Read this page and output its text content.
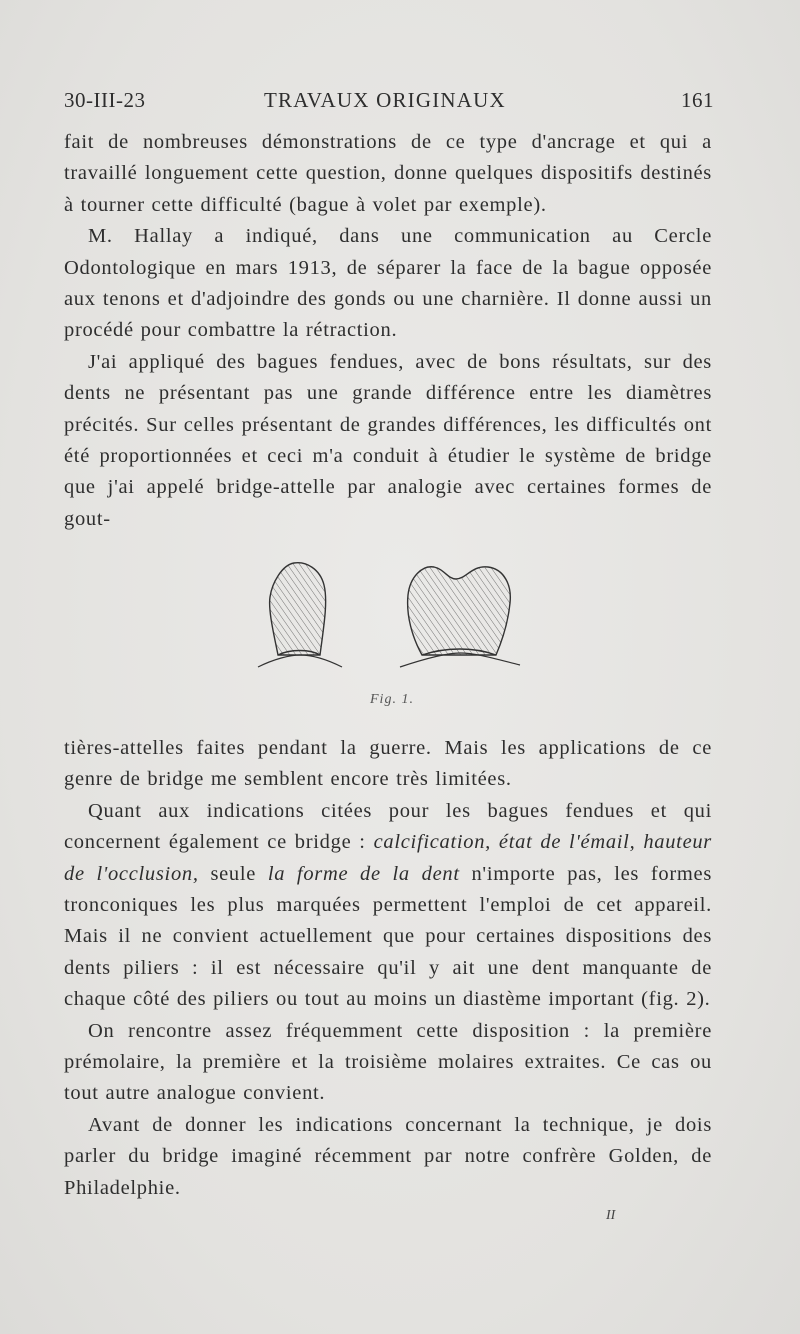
30-III-23	TRAVAUX ORIGINAUX	161

fait de nombreuses démonstrations de ce type d'ancrage et qui a travaillé longuement cette question, donne quelques dispositifs destinés à tourner cette difficulté (bague à volet par exemple).

M. Hallay a indiqué, dans une communication au Cercle Odontologique en mars 1913, de séparer la face de la bague opposée aux tenons et d'adjoindre des gonds ou une charnière. Il donne aussi un procédé pour combattre la rétraction.

J'ai appliqué des bagues fendues, avec de bons résultats, sur des dents ne présentant pas une grande différence entre les diamètres précités. Sur celles présentant de grandes différences, les difficultés ont été proportionnées et ceci m'a conduit à étudier le système de bridge que j'ai appelé bridge-attelle par analogie avec certaines formes de gout-

Fig. 1.

tières-attelles faites pendant la guerre. Mais les applications de ce genre de bridge me semblent encore très limitées.

Quant aux indications citées pour les bagues fendues et qui concernent également ce bridge : calcification, état de l'émail, hauteur de l'occlusion, seule la forme de la dent n'importe pas, les formes tronconiques les plus marquées permettent l'emploi de cet appareil. Mais il ne convient actuellement que pour certaines dispositions des dents piliers : il est nécessaire qu'il y ait une dent manquante de chaque côté des piliers ou tout au moins un diastème important (fig. 2).

On rencontre assez fréquemment cette disposition : la première prémolaire, la première et la troisième molaires extraites. Ce cas ou tout autre analogue convient.

Avant de donner les indications concernant la technique, je dois parler du bridge imaginé récemment par notre confrère Golden, de Philadelphie.

II
